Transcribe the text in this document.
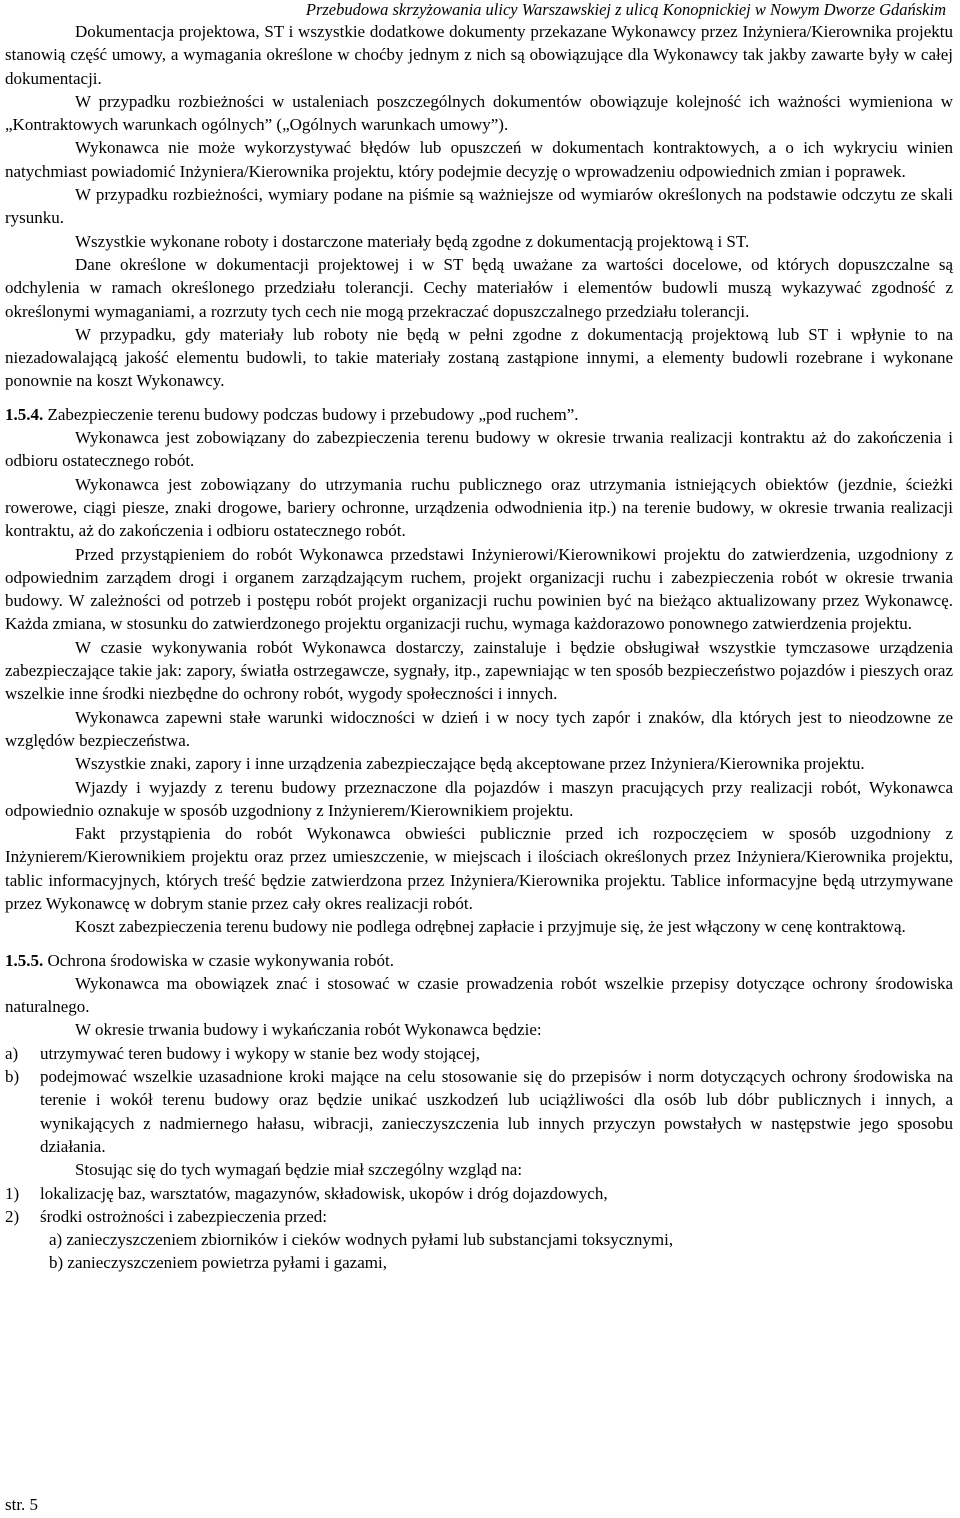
Przebudowa skrzyżowania ulicy Warszawskiej z ulicą Konopnickiej w Nowym Dworze Gdańskim

Dokumentacja projektowa, ST i wszystkie dodatkowe dokumenty przekazane Wykonawcy przez Inżyniera/Kierownika projektu stanowią część umowy, a wymagania określone w choćby jednym z nich są obowiązujące dla Wykonawcy tak jakby zawarte były w całej dokumentacji.

W przypadku rozbieżności w ustaleniach poszczególnych dokumentów obowiązuje kolejność ich ważności wymieniona w „Kontraktowych warunkach ogólnych” („Ogólnych warunkach umowy”).

Wykonawca nie może wykorzystywać błędów lub opuszczeń w dokumentach kontraktowych, a o ich wykryciu winien natychmiast powiadomić Inżyniera/Kierownika projektu, który podejmie decyzję o wprowadzeniu odpowiednich zmian i poprawek.

W przypadku rozbieżności, wymiary podane na piśmie są ważniejsze od wymiarów określonych na podstawie odczytu ze skali rysunku.

Wszystkie wykonane roboty i dostarczone materiały będą zgodne z dokumentacją projektową i ST.

Dane określone w dokumentacji projektowej i w ST będą uważane za wartości docelowe, od których dopuszczalne są odchylenia w ramach określonego przedziału tolerancji. Cechy materiałów i elementów budowli muszą wykazywać zgodność z określonymi wymaganiami, a rozrzuty tych cech nie mogą przekraczać dopuszczalnego przedziału tolerancji.

W przypadku, gdy materiały lub roboty nie będą w pełni zgodne z dokumentacją projektową lub ST i wpłynie to na niezadowalającą jakość elementu budowli, to takie materiały zostaną zastąpione innymi, a elementy budowli rozebrane i wykonane ponownie na koszt Wykonawcy.

1.5.4. Zabezpieczenie terenu budowy podczas budowy i przebudowy „pod ruchem”.

Wykonawca jest zobowiązany do zabezpieczenia terenu budowy w okresie trwania realizacji kontraktu aż do zakończenia i odbioru ostatecznego robót.

Wykonawca jest zobowiązany do utrzymania ruchu publicznego oraz utrzymania istniejących obiektów (jezdnie, ścieżki rowerowe, ciągi piesze, znaki drogowe, bariery ochronne, urządzenia odwodnienia itp.) na terenie budowy, w okresie trwania realizacji kontraktu, aż do zakończenia i odbioru ostatecznego robót.

Przed przystąpieniem do robót Wykonawca przedstawi Inżynierowi/Kierownikowi projektu do zatwierdzenia, uzgodniony z odpowiednim zarządem drogi i organem zarządzającym ruchem, projekt organizacji ruchu i zabezpieczenia robót w okresie trwania budowy. W zależności od potrzeb i postępu robót projekt organizacji ruchu powinien być na bieżąco aktualizowany przez Wykonawcę. Każda zmiana, w stosunku do zatwierdzonego projektu organizacji ruchu, wymaga każdorazowo ponownego zatwierdzenia projektu.

W czasie wykonywania robót Wykonawca dostarczy, zainstaluje i będzie obsługiwał wszystkie tymczasowe urządzenia zabezpieczające takie jak: zapory, światła ostrzegawcze, sygnały, itp., zapewniając w ten sposób bezpieczeństwo pojazdów i pieszych oraz wszelkie inne środki niezbędne do ochrony robót, wygody społeczności i innych.

Wykonawca zapewni stałe warunki widoczności w dzień i w nocy tych zapór i znaków, dla których jest to nieodzowne ze względów bezpieczeństwa.

Wszystkie znaki, zapory i inne urządzenia zabezpieczające będą akceptowane przez Inżyniera/Kierownika projektu.

Wjazdy i wyjazdy z terenu budowy przeznaczone dla pojazdów i maszyn pracujących przy realizacji robót, Wykonawca odpowiednio oznakuje w sposób uzgodniony z Inżynierem/Kierownikiem projektu.

Fakt przystąpienia do robót Wykonawca obwieści publicznie przed ich rozpoczęciem w sposób uzgodniony z Inżynierem/Kierownikiem projektu oraz przez umieszczenie, w miejscach i ilościach określonych przez Inżyniera/Kierownika projektu, tablic informacyjnych, których treść będzie zatwierdzona przez Inżyniera/Kierownika projektu. Tablice informacyjne będą utrzymywane przez Wykonawcę w dobrym stanie przez cały okres realizacji robót.

Koszt zabezpieczenia terenu budowy nie podlega odrębnej zapłacie i przyjmuje się, że jest włączony w cenę kontraktową.

1.5.5. Ochrona środowiska w czasie wykonywania robót.

Wykonawca ma obowiązek znać i stosować w czasie prowadzenia robót wszelkie przepisy dotyczące ochrony środowiska naturalnego.

W okresie trwania budowy i wykańczania robót Wykonawca będzie:

a)	utrzymywać teren budowy i wykopy w stanie bez wody stojącej,
b)	podejmować wszelkie uzasadnione kroki mające na celu stosowanie się do przepisów i norm dotyczących ochrony środowiska na terenie i wokół terenu budowy oraz będzie unikać uszkodzeń lub uciążliwości dla osób lub dóbr publicznych i innych, a wynikających z nadmiernego hałasu, wibracji, zanieczyszczenia lub innych przyczyn powstałych w następstwie jego sposobu działania.

Stosując się do tych wymagań będzie miał szczególny wzgląd na:

1)	lokalizację baz, warsztatów, magazynów, składowisk, ukopów i dróg dojazdowych,
2)	środki ostrożności i zabezpieczenia przed:

a) zanieczyszczeniem zbiorników i cieków wodnych pyłami lub substancjami toksycznymi,

b) zanieczyszczeniem powietrza pyłami i gazami,

str. 5
